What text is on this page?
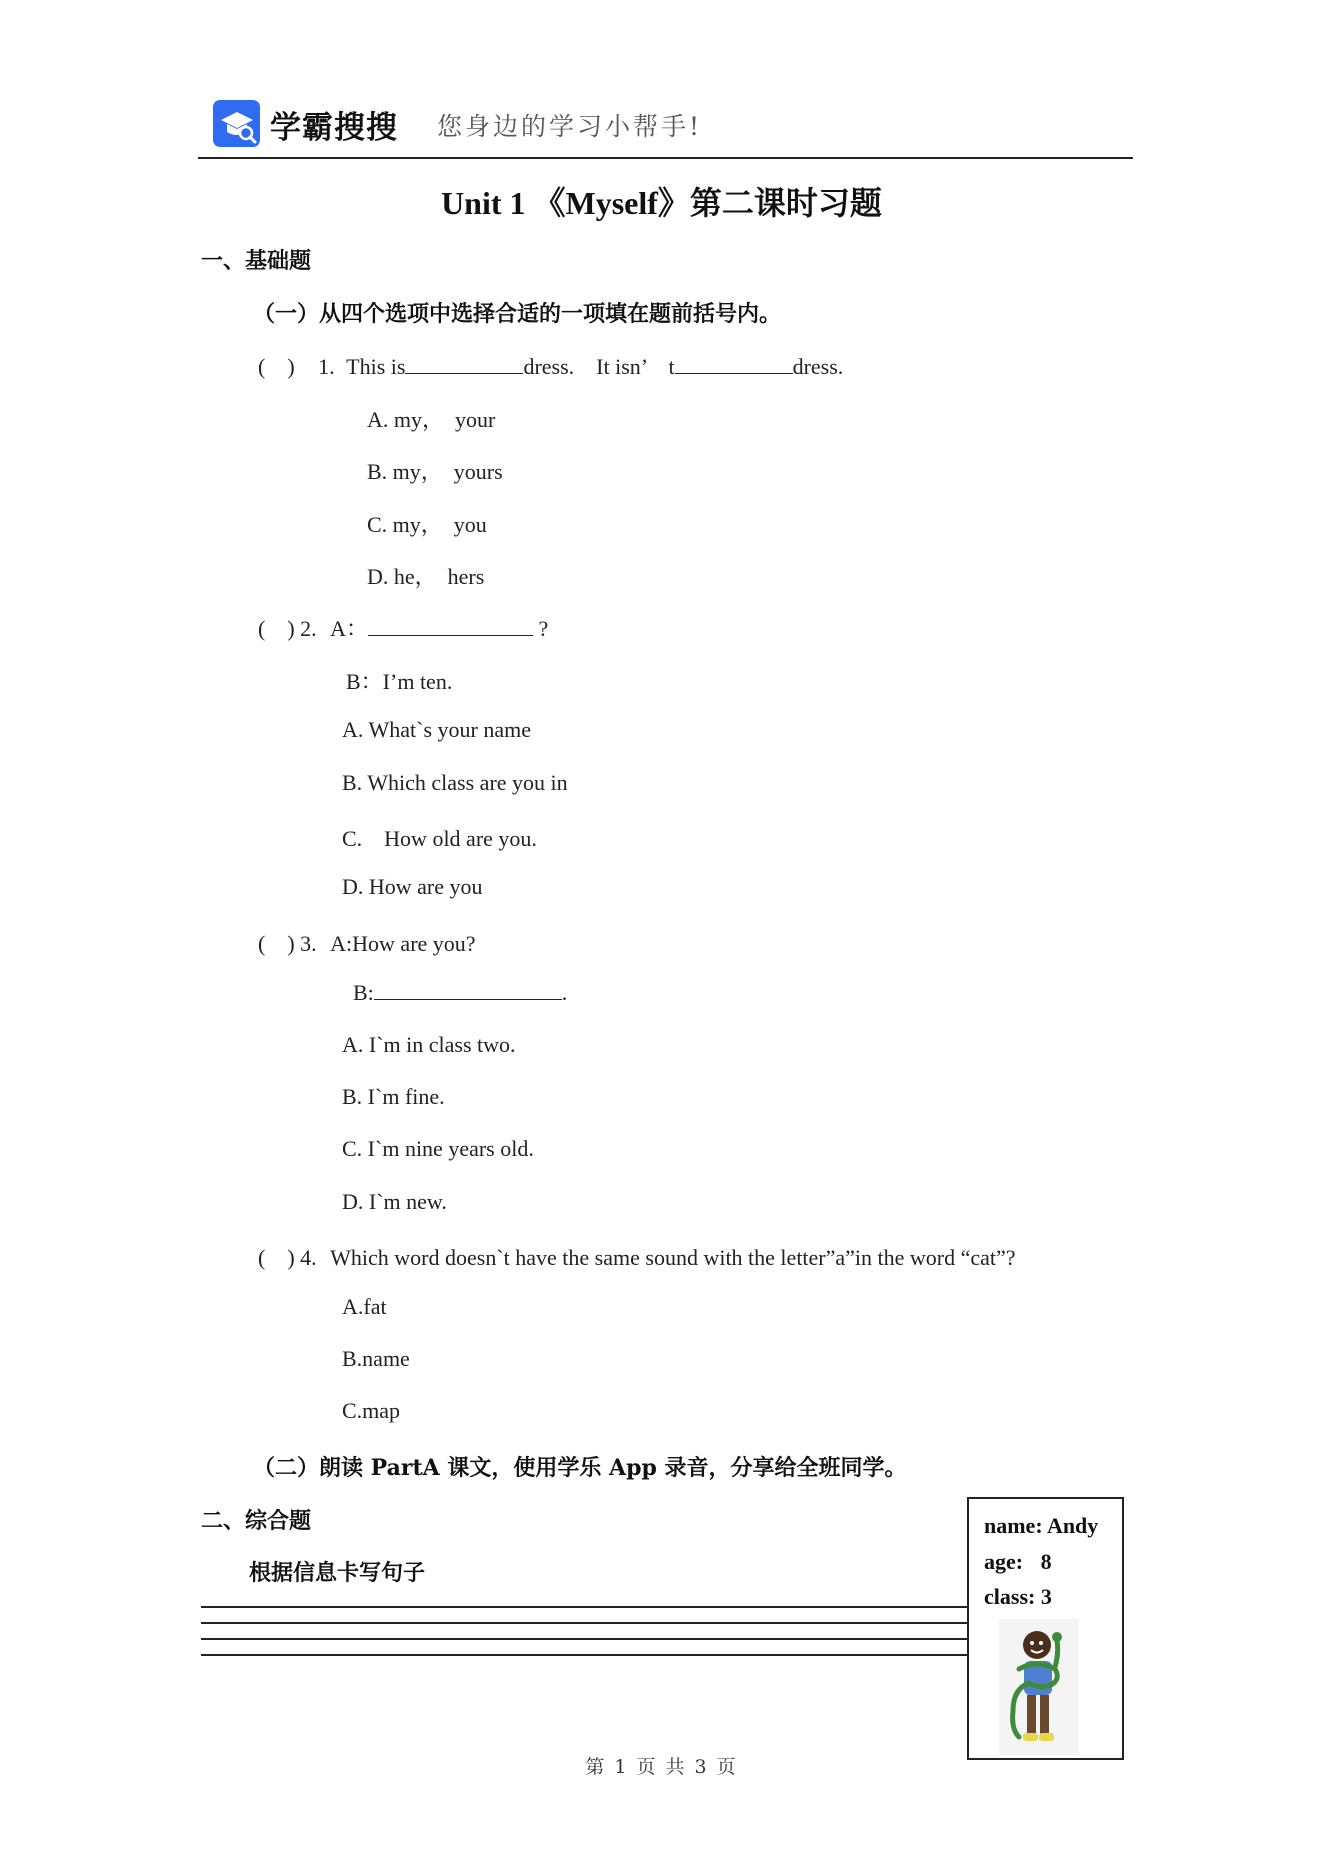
学霸搜搜 您身边的学习小帮手!
Unit 1 《Myself》第二课时习题
一、基础题
（一）从四个选项中选择合适的一项填在题前括号内。
(　) 1. This is	dress.　It isn’　t	dress.
A. my，　your
B. my，　yours
C. my，　you
D. he，　hers
(　) 2. A：	?
B：I’m ten.
A. What`s your name
B. Which class are you in
C.　How old are you.
D. How are you
(　) 3. A:How are you?
B:	.
A. I`m in class two.
B. I`m fine.
C. I`m nine years old.
D. I`m new.
(　) 4. Which word doesn`t have the same sound with the letter”a”in the word “cat”?
A.fat
B.name
C.map
（二）朗读 PartA 课文，使用学乐 App 录音，分享给全班同学。
二、综合题
根据信息卡写句子
name: Andy
age: 8
class: 3
第 1 页 共 3 页
